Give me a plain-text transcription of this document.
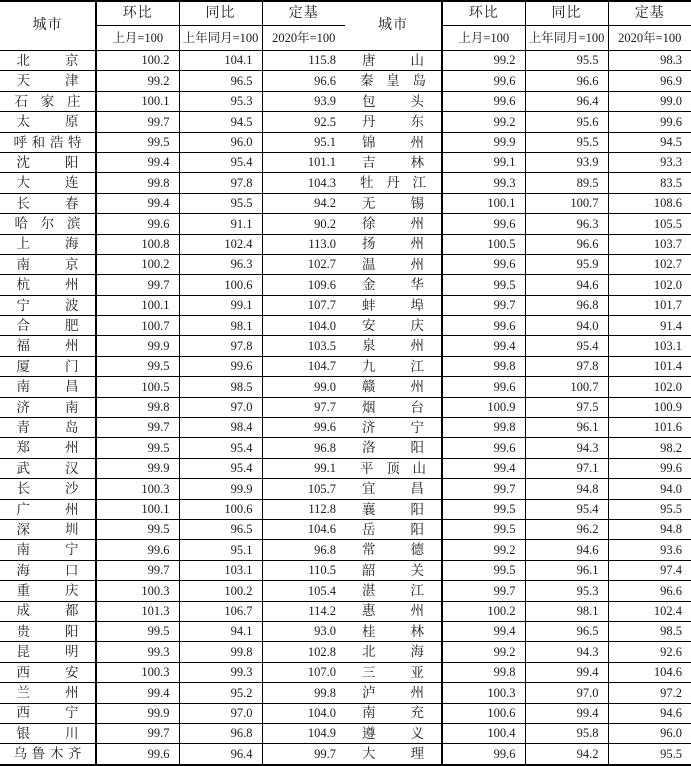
城市	环比	同比	定基
	上月=100	上年同月=100	2020年=100

北 京	100.2	104.1	115.8

天 津	99.2	96.5	96.6

石 家 庄	100.1	95.3	93.9

太 原	99.7	94.5	92.5

呼 和 浩 特	99.5	96.0	95.1

沈 阳	99.4	95.4	101.1

大 连	99.8	97.8	104.3

长 春	99.4	95.5	94.2

哈 尔 滨	99.6	91.1	90.2

上 海	100.8	102.4	113.0

南 京	100.2	96.3	102.7

杭 州	99.7	100.6	109.6

宁 波	100.1	99.1	107.7

合 肥	100.7	98.1	104.0

福 州	99.9	97.8	103.5

厦 门	99.5	99.6	104.7

南 昌	100.5	98.5	99.0

济 南	99.8	97.0	97.7

青 岛	99.7	98.4	99.6

郑 州	99.5	95.4	96.8

武 汉	99.9	95.4	99.1

长 沙	100.3	99.9	105.7

广 州	100.1	100.6	112.8

深 圳	99.5	96.5	104.6

南 宁	99.6	95.1	96.8

海 口	99.7	103.1	110.5

重 庆	100.3	100.2	105.4

成 都	101.3	106.7	114.2

贵 阳	99.5	94.1	93.0

昆 明	99.3	99.8	102.8

西 安	100.3	99.3	107.0

兰 州	99.4	95.2	99.8

西 宁	99.9	97.0	104.0

银 川	99.7	96.8	104.9

乌 鲁 木 齐	99.6	96.4	99.7
城市	环比	同比	定基
	上月=100	上年同月=100	2020年=100

唐 山	99.2	95.5	98.3

秦 皇 岛	99.6	96.6	96.9

包 头	99.6	96.4	99.0

丹 东	99.2	95.6	99.6

锦 州	99.9	95.5	94.5

吉 林	99.1	93.9	93.3

牡 丹 江	99.3	89.5	83.5

无 锡	100.1	100.7	108.6

徐 州	99.6	96.3	105.5

扬 州	100.5	96.6	103.7

温 州	99.6	95.9	102.7

金 华	99.5	94.6	102.0

蚌 埠	99.7	96.8	101.7

安 庆	99.6	94.0	91.4

泉 州	99.4	95.4	103.1

九 江	99.8	97.8	101.4

赣 州	99.6	100.7	102.0

烟 台	100.9	97.5	100.9

济 宁	99.8	96.1	101.6

洛 阳	99.6	94.3	98.2

平 顶 山	99.4	97.1	99.6

宜 昌	99.7	94.8	94.0

襄 阳	99.5	95.4	95.5

岳 阳	99.5	96.2	94.8

常 德	99.2	94.6	93.6

韶 关	99.5	96.1	97.4

湛 江	99.7	95.3	96.6

惠 州	100.2	98.1	102.4

桂 林	99.4	96.5	98.5

北 海	99.2	94.3	92.6

三 亚	99.8	99.4	104.6

泸 州	100.3	97.0	97.2

南 充	100.6	99.4	94.6

遵 义	100.4	95.8	96.0

大 理	99.6	94.2	95.5
